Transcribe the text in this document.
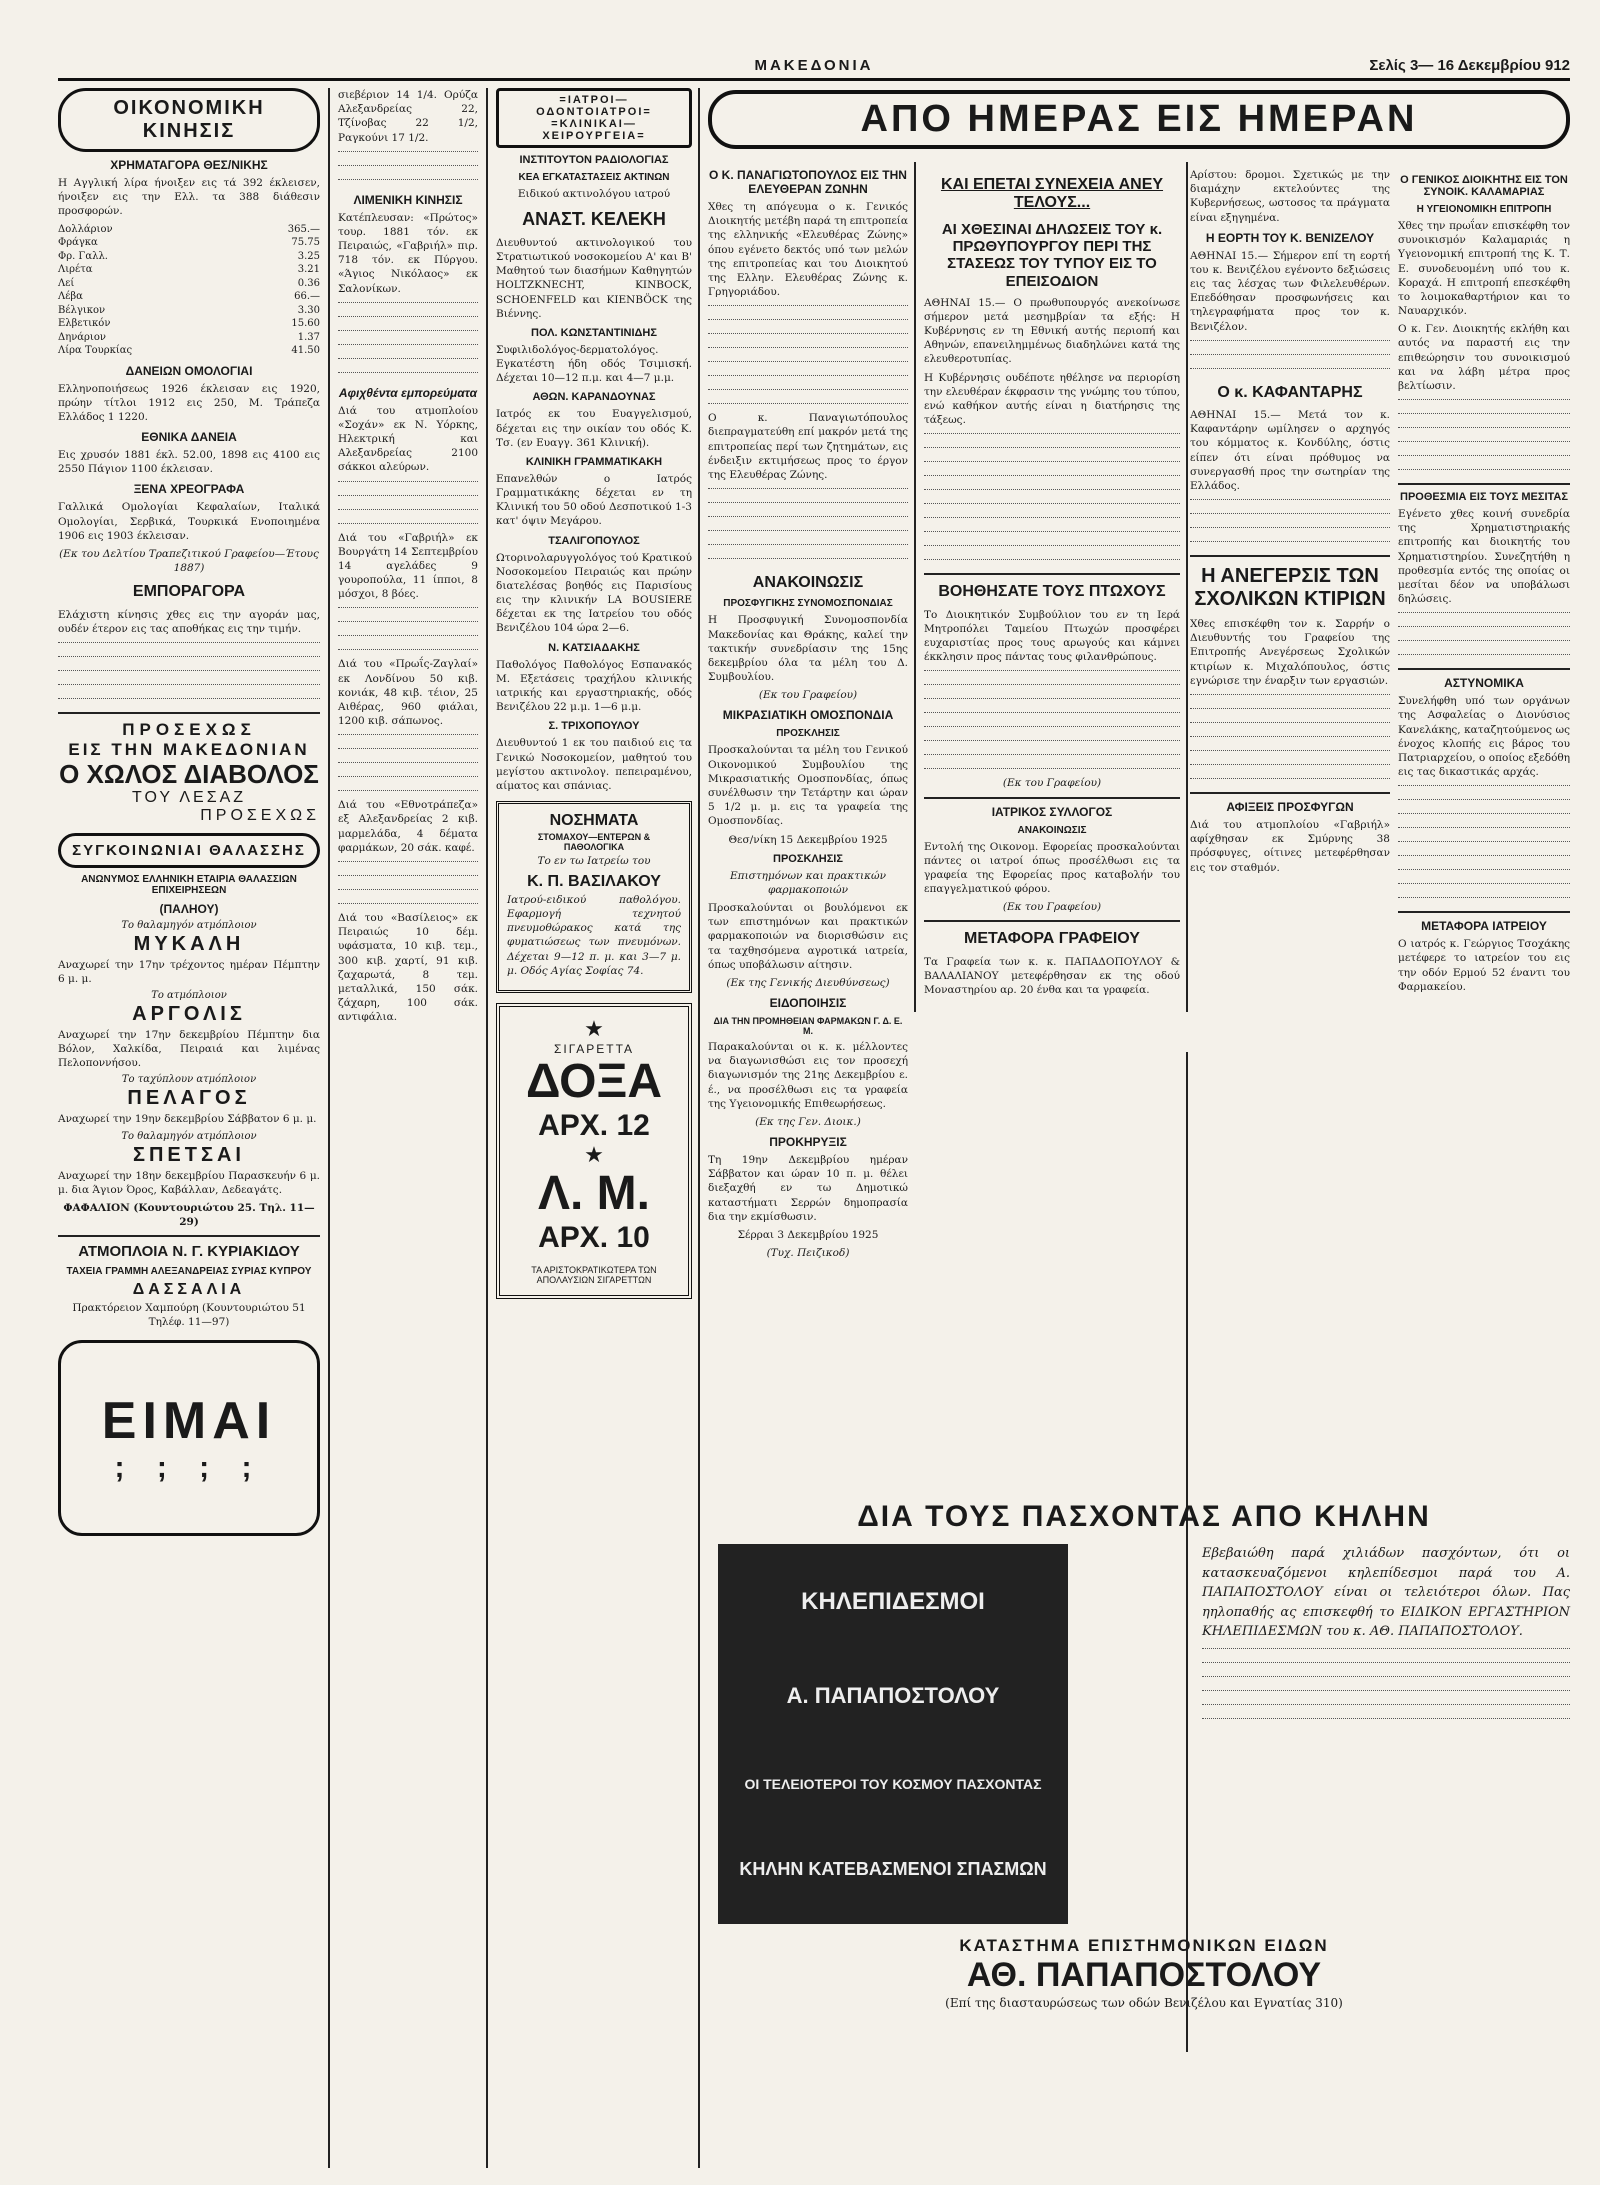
ΜΑΚΕΔΟΝΙΑ	Σελίς 3— 16 Δεκεμβρίου 912
ΟΙΚΟΝΟΜΙΚΗ ΚΙΝΗΣΙΣ
ΧΡΗΜΑΤΑΓΟΡΑ ΘΕΣ/ΝΙΚΗΣ

Η Αγγλική λίρα ήνοιξεν εις τά 392 έκλεισεν, ήνοιξεν εις την Ελλ. τα 388 διάθεσιν προσφορών.

Δολλάριον	365.—
Φράγκα	75.75
Φρ. Γαλλ.	3.25
Λιρέτα	3.21
Λεί	0.36
Λέβα	66.—
Βέλγικον	3.30
Ελβετικόν	15.60
Δηνάριον	1.37
Λίρα Τουρκίας	41.50
ΔΑΝΕΙΩΝ ΟΜΟΛΟΓΙΑΙ

Ελληνοποιήσεως 1926 έκλεισαν εις 1920, πρώην τίτλοι 1912 εις 250, Μ. Τράπεζα Ελλάδος 1 1220.

ΕΘΝΙΚΑ ΔΑΝΕΙΑ

Εις χρυσόν 1881 έκλ. 52.00, 1898 εις 4100 εις 2550 Πάγιον 1100 έκλεισαν.

ΞΕΝΑ ΧΡΕΟΓΡΑΦΑ

Γαλλικά Ομολογίαι Κεφαλαίων, Ιταλικά Ομολογίαι, Σερβικά, Τουρκικά Ενοποιημένα 1906 εις 1903 έκλεισαν.

(Εκ του Δελτίου Τραπεζιτικού Γραφείου—Έτους 1887)

ΕΜΠΟΡΑΓΟΡΑ

Ελάχιστη κίνησις χθες εις την αγοράν μας, ουδέν έτερον εις τας αποθήκας εις την τιμήν.

ΠΡΟΣΕΧΩΣ
ΕΙΣ ΤΗΝ ΜΑΚΕΔΟΝΙΑΝ
Ο ΧΩΛΟΣ ΔΙΑΒΟΛΟΣ
ΤΟΥ ΛΕΣΑΖ
ΠΡΟΣΕΧΩΣ
ΣΥΓΚΟΙΝΩΝΙΑΙ ΘΑΛΑΣΣΗΣ
ΑΝΩΝΥΜΟΣ ΕΛΛΗΝΙΚΗ ΕΤΑΙΡΙΑ ΘΑΛΑΣΣΙΩΝ ΕΠΙΧΕΙΡΗΣΕΩΝ
(ΠΑΛΗΟΥ)
Το θαλαμηγόν ατμόπλοιον
ΜΥΚΑΛΗ
Αναχωρεί την 17ην τρέχοντος ημέραν Πέμπτην 6 μ. μ.
Το ατμόπλοιον
ΑΡΓΟΛΙΣ
Αναχωρεί την 17ην δεκεμβρίου Πέμπτην δια Βόλον, Χαλκίδα, Πειραιά και λιμένας Πελοποννήσου.
Το ταχύπλουν ατμόπλοιον
ΠΕΛΑΓΟΣ
Αναχωρεί την 19ην δεκεμβρίου Σάββατον 6 μ. μ.
Το θαλαμηγόν ατμόπλοιον
ΣΠΕΤΣΑΙ
Αναχωρεί την 18ην δεκεμβρίου Παρασκευήν 6 μ. μ. δια Άγιον Όρος, Καβάλλαν, Δεδεαγάτς.

ΦΑΦΑΛΙΟΝ (Κουντουριώτου 25. Τηλ. 11—29)

ΑΤΜΟΠΛΟΙΑ Ν. Γ. ΚΥΡΙΑΚΙΔΟΥ
ΤΑΧΕΙΑ ΓΡΑΜΜΗ ΑΛΕΞΑΝΔΡΕΙΑΣ ΣΥΡΙΑΣ ΚΥΠΡΟΥ
ΔΑΣΣΑΛΙΑ

Πρακτόρειον Χαμπούρη (Κουντουριώτου 51 Τηλέφ. 11—97)

ΕΙΜΑΙ
; ; ; ;

σιεβέριον 14 1/4. Ορύζα Αλεξανδρείας 22, Τζίνοβας 22 1/2, Ραγκούνι 17 1/2.

ΛΙΜΕΝΙΚΗ ΚΙΝΗΣΙΣ

Κατέπλευσαν: «Πρώτος» τουρ. 1881 τόν. εκ Πειραιώς, «Γαβριήλ» πιρ. 718 τόν. εκ Πύργου. «Άγιος Νικόλαος» εκ Σαλονίκων.

Αφιχθέντα εμπορεύματα

Διά του ατμοπλοίου «Σοχάν» εκ Ν. Υόρκης, Ηλεκτρική και Αλεξανδρείας 2100 σάκκοι αλεύρων.

Διά του «Γαβριήλ» εκ Βουργάτη 14 Σεπτεμβρίου 14 αγελάδες 9 γουροπούλα, 11 ίπποι, 8 μόσχοι, 8 βόες.

Διά του «Πρωΐς-Ζαγλαί» εκ Λονδίνου 50 κιβ. κονιάκ, 48 κιβ. τέιον, 25 Αιθέρας, 960 φιάλαι, 1200 κιβ. σάπωνος.

Διά του «Εθνοτράπεζα» εξ Αλεξανδρείας 2 κιβ. μαρμελάδα, 4 δέματα φαρμάκων, 20 σάκ. καφέ.

Διά του «Βασίλειος» εκ Πειραιώς 10 δέμ. υφάσματα, 10 κιβ. τεμ., 300 κιβ. χαρτί, 91 κιβ. ζαχαρωτά, 8 τεμ. μεταλλικά, 150 σάκ. ζάχαρη, 100 σάκ. αντιφάλια.

=ΙΑΤΡΟΙ—ΟΔΟΝΤΟΙΑΤΡΟΙ=
=ΚΛΙΝΙΚΑΙ—ΧΕΙΡΟΥΡΓΕΙΑ=
ΙΝΣΤΙΤΟΥΤΟΝ ΡΑΔΙΟΛΟΓΙΑΣ
ΚΕΑ ΕΓΚΑΤΑΣΤΑΣΕΙΣ ΑΚΤΙΝΩΝ
Ειδικού ακτινολόγου ιατρού
ΑΝΑΣΤ. ΚΕΛΕΚΗ

Διευθυντού ακτινολογικού του Στρατιωτικού νοσοκομείου Α' και Β' Μαθητού των διασήμων Καθηγητών HOLTZKNECHT, KINBOCK, SCHOENFELD και KIENBÖCK της Βιέννης.

ΠΟΛ. ΚΩΝΣΤΑΝΤΙΝΙΔΗΣ

Συφιλιδολόγος-δερματολόγος. Εγκατέστη ήδη οδός Τσιμισκή. Δέχεται 10—12 π.μ. και 4—7 μ.μ.

ΑΘΩΝ. ΚΑΡΑΝΔΟΥΝΑΣ

Ιατρός εκ του Ευαγγελισμού, δέχεται εις την οικίαν του οδός Κ. Τσ. (εν Ευαγγ. 361 Κλινική).

ΚΛΙΝΙΚΗ ΓΡΑΜΜΑΤΙΚΑΚΗ

Επανελθών ο Ιατρός Γραμματικάκης δέχεται εν τη Κλινική του 50 οδού Δεσποτικού 1-3 κατ' όψιν Μεγάρου.

ΤΣΑΛΙΓΟΠΟΥΛΟΣ

Ωτορινολαρυγγολόγος τού Κρατικού Νοσοκομείου Πειραιώς και πρώην διατελέσας βοηθός εις Παρισίους εις την κλινικήν LA BOUSIERE δέχεται εκ της Ιατρείου του οδός Βενιζέλου 104 ώρα 2—6.

Ν. ΚΑΤΣΙΑΔΑΚΗΣ

Παθολόγος Παθολόγος Εσπανακός Μ. Εξετάσεις τραχήλου κλινικής ιατρικής και εργαστηριακής, οδός Βενιζέλου 22 μ.μ. 1—6 μ.μ.

Σ. ΤΡΙΧΟΠΟΥΛΟΥ

Διευθυντού 1 εκ του παιδιού εις τα Γενικώ Νοσοκομείον, μαθητού του μεγίστου ακτινολογ. πεπειραμένου, αίματος και σπάνιας.

ΝΟΣΗΜΑΤΑ
ΣΤΟΜΑΧΟΥ—ΕΝΤΕΡΩΝ & ΠΑΘΟΛΟΓΙΚΑ
Το εν τω Ιατρείω του
Κ. Π. ΒΑΣΙΛΑΚΟΥ

Ιατρού-ειδικού παθολόγου. Εφαρμογή τεχνητού πνευμοθώρακος κατά της φυματιώσεως των πνευμόνων. Δέχεται 9—12 π. μ. και 3—7 μ. μ. Οδός Αγίας Σοφίας 74.

★
ΣΙΓΑΡΕΤΤΑ
ΔΟΞΑ
ΑΡΧ. 12
★
Λ. Μ.
ΑΡΧ. 10
ΤΑ ΑΡΙΣΤΟΚΡΑΤΙΚΩΤΕΡΑ ΤΩΝ ΑΠΟΛΑΥΣΙΩΝ ΣΙΓΑΡΕΤΤΩΝ
Ο Κ. ΠΑΝΑΓΙΩΤΟΠΟΥΛΟΣ ΕΙΣ ΤΗΝ ΕΛΕΥΘΕΡΑΝ ΖΩΝΗΝ

Χθες τη απόγευμα ο κ. Γενικός Διοικητής μετέβη παρά τη επιτροπεία της ελληνικής «Ελευθέρας Ζώνης» όπου εγένετο δεκτός υπό των μελών της επιτροπείας και του Διοικητού της Ελλην. Ελευθέρας Ζώνης κ. Γρηγοριάδου.

Ο κ. Παναγιωτόπουλος διεπραγματεύθη επί μακρόν μετά της επιτροπείας περί των ζητημάτων, εις ένδειξιν εκτιμήσεως προς το έργον της Ελευθέρας Ζώνης.

ΑΝΑΚΟΙΝΩΣΙΣ
ΠΡΟΣΦΥΓΙΚΗΣ ΣΥΝΟΜΟΣΠΟΝΔΙΑΣ

Η Προσφυγική Συνομοσπονδία Μακεδονίας και Θράκης, καλεί την τακτικήν συνεδρίασιν της 15ης δεκεμβρίου όλα τα μέλη του Δ. Συμβουλίου.

(Εκ του Γραφείου)
ΜΙΚΡΑΣΙΑΤΙΚΗ ΟΜΟΣΠΟΝΔΙΑ
ΠΡΟΣΚΛΗΣΙΣ

Προσκαλούνται τα μέλη του Γενικού Οικονομικού Συμβουλίου της Μικρασιατικής Ομοσπονδίας, όπως συνέλθωσιν την Τετάρτην και ώραν 5 1/2 μ. μ. εις τα γραφεία της Ομοσπονδίας.

Θεσ/νίκη 15 Δεκεμβρίου 1925
ΠΡΟΣΚΛΗΣΙΣ
Επιστημόνων και πρακτικών φαρμακοποιών

Προσκαλούνται οι βουλόμενοι εκ των επιστημόνων και πρακτικών φαρμακοποιών να διορισθώσιν εις τα ταχθησόμενα αγροτικά ιατρεία, όπως υποβάλωσιν αίτησιν.

(Εκ της Γενικής Διευθύνσεως)
ΕΙΔΟΠΟΙΗΣΙΣ
ΔΙΑ ΤΗΝ ΠΡΟΜΗΘΕΙΑΝ ΦΑΡΜΑΚΩΝ Γ. Δ. Ε. Μ.

Παρακαλούνται οι κ. κ. μέλλοντες να διαγωνισθώσι εις τον προσεχή διαγωνισμόν της 21ης Δεκεμβρίου ε. έ., να προσέλθωσι εις τα γραφεία της Υγειονομικής Επιθεωρήσεως.

(Εκ της Γεν. Διοικ.)
ΠΡΟΚΗΡΥΞΙΣ

Τη 19ην Δεκεμβρίου ημέραν Σάββατον και ώραν 10 π. μ. θέλει διεξαχθή εν τω Δημοτικώ καταστήματι Σερρών δημοπρασία δια την εκμίσθωσιν.

Σέρραι 3 Δεκεμβρίου 1925
(Τυχ. Πειζικοδ)
ΑΠΟ ΗΜΕΡΑΣ ΕΙΣ ΗΜΕΡΑΝ
ΚΑΙ ΕΠΕΤΑΙ ΣΥΝΕΧΕΙΑ ΑΝΕΥ ΤΕΛΟΥΣ...
ΑΙ ΧΘΕΣΙΝΑΙ ΔΗΛΩΣΕΙΣ ΤΟΥ κ. ΠΡΩΘΥΠΟΥΡΓΟΥ ΠΕΡΙ ΤΗΣ ΣΤΑΣΕΩΣ ΤΟΥ ΤΥΠΟΥ ΕΙΣ ΤΟ ΕΠΕΙΣΟΔΙΟΝ

ΑΘΗΝΑΙ 15.— Ο πρωθυπουργός ανεκοίνωσε σήμερον μετά μεσημβρίαν τα εξής: Η Κυβέρνησις εν τη Εθνική αυτής περιοπή και Αθηνών, επανειλημμένως διαδηλώνει κατά της ελευθεροτυπίας.

Η Κυβέρνησις ουδέποτε ηθέλησε να περιορίση την ελευθέραν έκφρασιν της γνώμης του τύπου, ενώ καθήκον αυτής είναι η διατήρησις της τάξεως.

ΒΟΗΘΗΣΑΤΕ ΤΟΥΣ ΠΤΩΧΟΥΣ

Το Διοικητικόν Συμβούλιον του εν τη Ιερά Μητροπόλει Ταμείου Πτωχών προσφέρει ευχαριστίας προς τους αρωγούς και κάμνει έκκλησιν προς πάντας τους φιλανθρώπους.

(Εκ του Γραφείου)
ΙΑΤΡΙΚΟΣ ΣΥΛΛΟΓΟΣ
ΑΝΑΚΟΙΝΩΣΙΣ

Εντολή της Οικονομ. Εφορείας προσκαλούνται πάντες οι ιατροί όπως προσέλθωσι εις τα γραφεία της Εφορείας προς καταβολήν του επαγγελματικού φόρου.

(Εκ του Γραφείου)
ΜΕΤΑΦΟΡΑ ΓΡΑΦΕΙΟΥ

Τα Γραφεία των κ. κ. ΠΑΠΑΔΟΠΟΥΛΟΥ & ΒΑΛΑΛΙΑΝΟΥ μετεφέρθησαν εκ της οδού Μοναστηρίου αρ. 20 ένθα και τα γραφεία.

Αρίστου: δρομοι. Σχετικώς με την διαμάχην εκτελούντες της Κυβερνήσεως, ωστοσος τα πράγματα είναι εξηγημένα.

Η ΕΟΡΤΗ ΤΟΥ Κ. ΒΕΝΙΖΕΛΟΥ

ΑΘΗΝΑΙ 15.— Σήμερον επί τη εορτή του κ. Βενιζέλου εγένοντο δεξιώσεις εις τας λέσχας των Φιλελευθέρων. Επεδόθησαν προσφωνήσεις και τηλεγραφήματα προς τον κ. Βενιζέλον.

Ο κ. ΚΑΦΑΝΤΑΡΗΣ

ΑΘΗΝΑΙ 15.— Μετά τον κ. Καφαντάρην ωμίλησεν ο αρχηγός του κόμματος κ. Κονδύλης, όστις είπεν ότι είναι πρόθυμος να συνεργασθή προς την σωτηρίαν της Ελλάδος.

Η ΑΝΕΓΕΡΣΙΣ ΤΩΝ ΣΧΟΛΙΚΩΝ ΚΤΙΡΙΩΝ

Χθες επισκέφθη τον κ. Σαρρήν ο Διευθυντής του Γραφείου της Επιτροπής Ανεγέρσεως Σχολικών κτιρίων κ. Μιχαλόπουλος, όστις εγνώρισε την έναρξιν των εργασιών.

ΑΦΙΞΕΙΣ ΠΡΟΣΦΥΓΩΝ

Διά του ατμοπλοίου «Γαβριήλ» αφίχθησαν εκ Σμύρνης 38 πρόσφυγες, οίτινες μετεφέρθησαν εις τον σταθμόν.

Ο ΓΕΝΙΚΟΣ ΔΙΟΙΚΗΤΗΣ ΕΙΣ ΤΟΝ ΣΥΝΟΙΚ. ΚΑΛΑΜΑΡΙΑΣ
Η ΥΓΕΙΟΝΟΜΙΚΗ ΕΠΙΤΡΟΠΗ

Χθες την πρωΐαν επισκέφθη τον συνοικισμόν Καλαμαριάς η Υγειονομική επιτροπή της Κ. Τ. Ε. συνοδευομένη υπό του κ. Κοραχά. Η επιτροπή επεσκέφθη το λοιμοκαθαρτήριον και το Ναυαρχικόν.

Ο κ. Γεν. Διοικητής εκλήθη και αυτός να παραστή εις την επιθεώρησιν του συνοικισμού και να λάβη μέτρα προς βελτίωσιν.

ΠΡΟΘΕΣΜΙΑ ΕΙΣ ΤΟΥΣ ΜΕΣΙΤΑΣ

Εγένετο χθες κοινή συνεδρία της Χρηματιστηριακής επιτροπής και διοικητής του Χρηματιστηρίου. Συνεζητήθη η προθεσμία εντός της οποίας οι μεσίται δέον να υποβάλωσι δηλώσεις.

ΑΣΤΥΝΟΜΙΚΑ

Συνελήφθη υπό των οργάνων της Ασφαλείας ο Διονύσιος Κανελάκης, καταζητούμενος ως ένοχος κλοπής εις βάρος του Πατριαρχείου, ο οποίος εξεδόθη εις τας δικαστικάς αρχάς.

ΜΕΤΑΦΟΡΑ ΙΑΤΡΕΙΟΥ

Ο ιατρός κ. Γεώργιος Τσοχάκης μετέφερε το ιατρείον του εις την οδόν Ερμού 52 έναντι του Φαρμακείου.

ΔΙΑ ΤΟΥΣ ΠΑΣΧΟΝΤΑΣ ΑΠΟ ΚΗΛΗΝ
ΚΗΛΕΠΙΔΕΣΜΟΙ
Α. ΠΑΠΑΠΟΣΤΟΛΟΥ
ΟΙ ΤΕΛΕΙΟΤΕΡΟΙ ΤΟΥ ΚΟΣΜΟΥ ΠΑΣΧΟΝΤΑΣ
ΚΗΛΗΝ ΚΑΤΕΒΑΣΜΕΝΟΙ ΣΠΑΣΜΩΝ

Εβεβαιώθη παρά χιλιάδων πασχόντων, ότι οι κατασκευαζόμενοι κηλεπίδεσμοι παρά του Α. ΠΑΠΑΠΟΣΤΟΛΟΥ είναι οι τελειότεροι όλων. Πας ηηλοπαθής ας επισκεφθή το ΕΙΔΙΚΟΝ ΕΡΓΑΣΤΗΡΙΟΝ ΚΗΛΕΠΙΔΕΣΜΩΝ του κ. ΑΘ. ΠΑΠΑΠΟΣΤΟΛΟΥ.

ΚΑΤΑΣΤΗΜΑ ΕΠΙΣΤΗΜΟΝΙΚΩΝ ΕΙΔΩΝ
ΑΘ. ΠΑΠΑΠΟΣΤΟΛΟΥ
(Επί της διασταυρώσεως των οδών Βενιζέλου και Εγνατίας 310)
